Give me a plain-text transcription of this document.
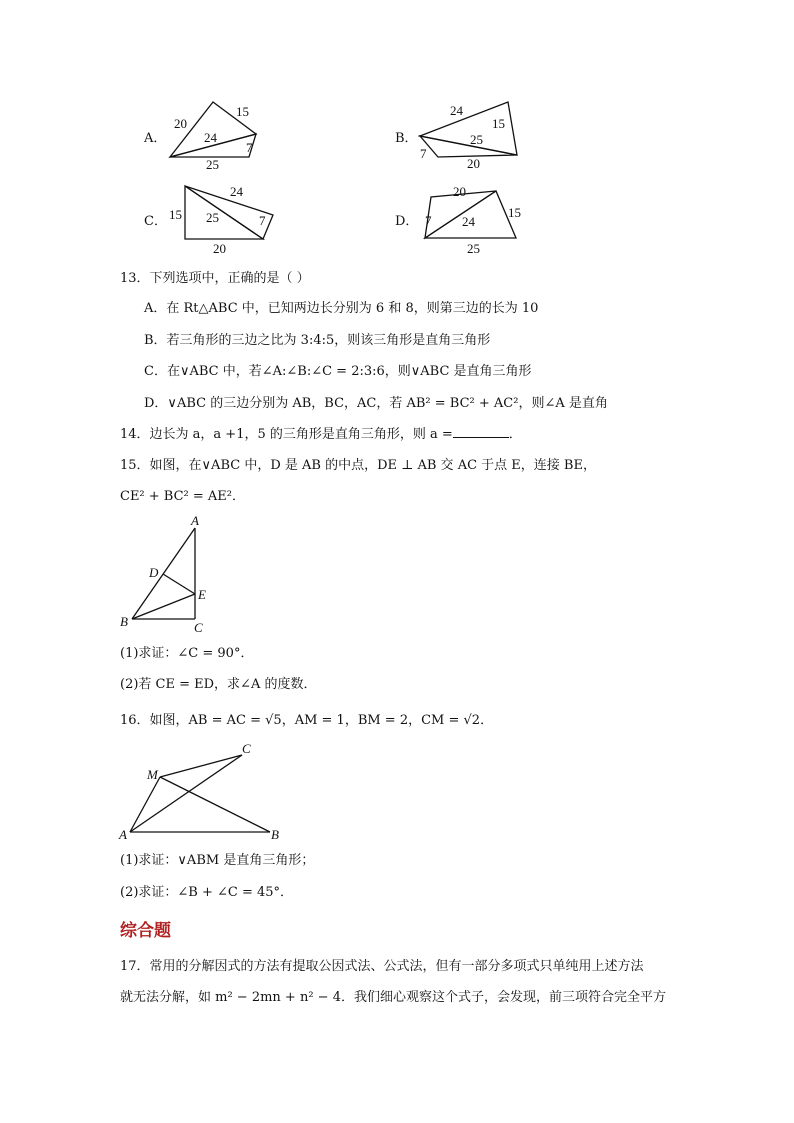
A．
20
15
24
7
25
B．
24
15
25
7
20
C．
24
15 25	7
20
D．
20
7 24
15
25
13．下列选项中，正确的是（ ）
A．在 Rt△ABC 中，已知两边长分别为 6 和 8，则第三边的长为 10
B．若三角形的三边之比为 3:4:5，则该三角形是直角三角形
C．在∨ABC 中，若∠A:∠B:∠C = 2:3:6，则∨ABC 是直角三角形
D．∨ABC 的三边分别为 AB，BC，AC，若 AB² = BC² + AC²，则∠A 是直角
14．边长为 a，a +1，5 的三角形是直角三角形，则 a =	．
15．如图，在∨ABC 中，D 是 AB 的中点，DE ⊥ AB 交 AC 于点 E，连接 BE，
CE² + BC² = AE²．
A
D
E
B	C
(1)求证：∠C = 90°．
(2)若 CE = ED，求∠A 的度数．
16．如图，AB = AC = √5，AM = 1，BM = 2，CM = √2．
C
M
A	B
(1)求证：∨ABM 是直角三角形；
(2)求证：∠B + ∠C = 45°．
综合题
17．常用的分解因式的方法有提取公因式法、公式法，但有一部分多项式只单纯用上述方法
就无法分解，如 m² − 2mn + n² − 4．我们细心观察这个式子，会发现，前三项符合完全平方
